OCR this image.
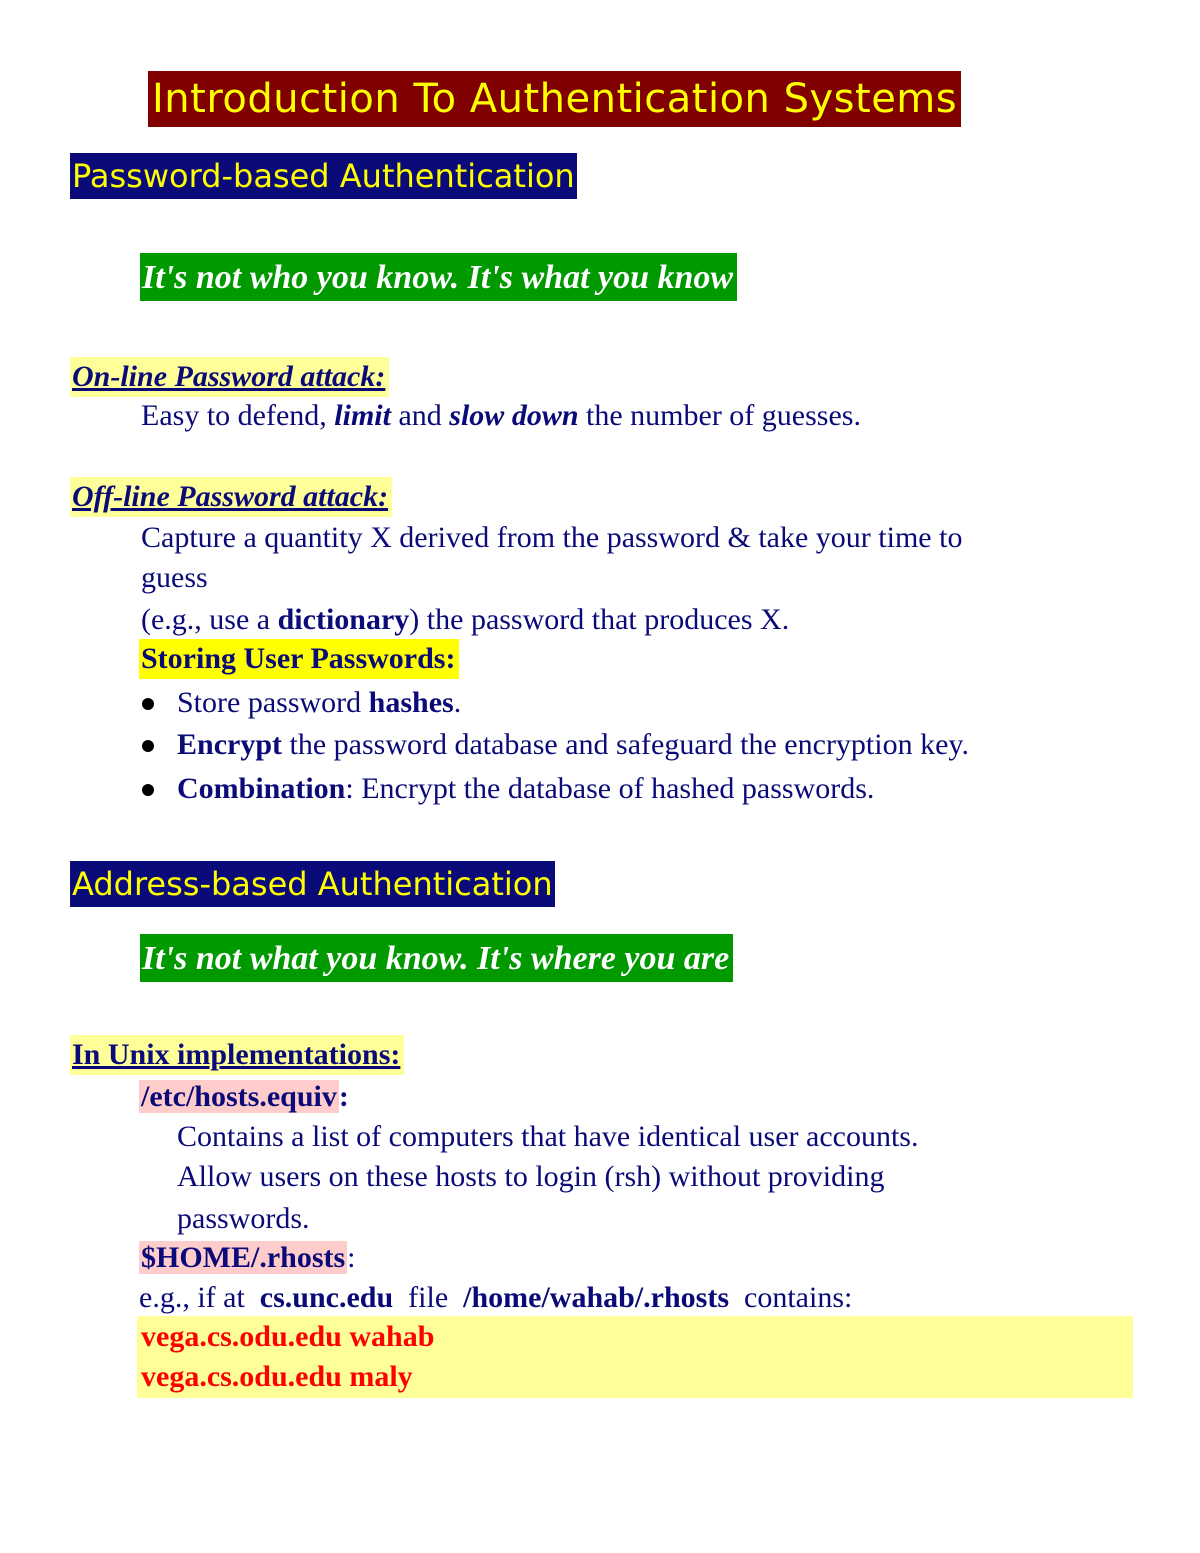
Introduction To Authentication Systems
Password-based Authentication
It's not who you know. It's what you know
On-line Password attack:
Easy to defend, limit and slow down the number of guesses.
Off-line Password attack:
Capture a quantity X derived from the password & take your time to
guess
(e.g., use a dictionary) the password that produces X.
Storing User Passwords:
Store password hashes.
Encrypt the password database and safeguard the encryption key.
Combination: Encrypt the database of hashed passwords.
Address-based Authentication
It's not what you know. It's where you are
In Unix implementations:
/etc/hosts.equiv:
Contains a list of computers that have identical user accounts.
Allow users on these hosts to login (rsh) without providing
passwords.
$HOME/.rhosts:
e.g., if at  cs.unc.edu  file  /home/wahab/.rhosts  contains:
vega.cs.odu.edu wahab
vega.cs.odu.edu maly
